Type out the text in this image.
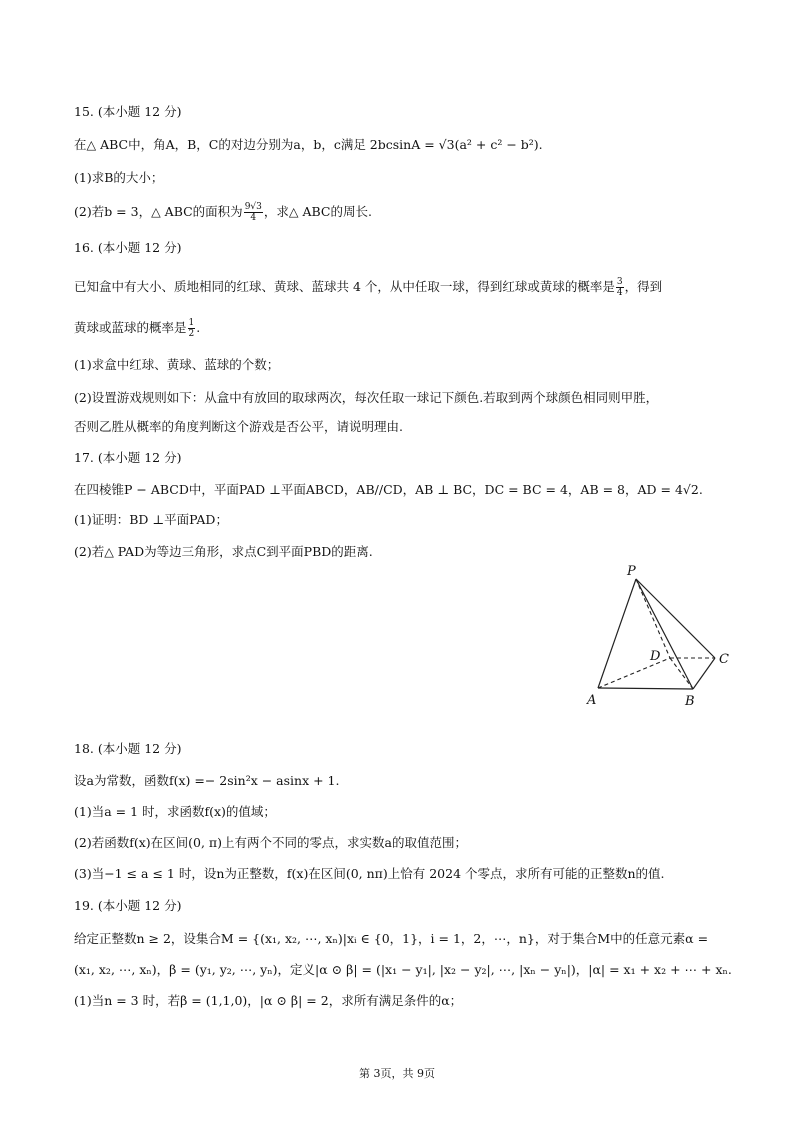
15. (本小题 12 分)
在△ ABC中，角A，B，C的对边分别为a，b，c满足 2bcsinA = √3(a² + c² − b²).
(1)求B的大小；
(2)若b = 3，△ ABC的面积为 $\frac{9√3}{4}$ ，求△ ABC的周长.
16. (本小题 12 分)
已知盒中有大小、质地相同的红球、黄球、蓝球共 4 个，从中任取一球，得到红球或黄球的概率是 $\frac{3}{4}$ ，得到
黄球或蓝球的概率是 $\frac{1}{2}$ .
(1)求盒中红球、黄球、蓝球的个数；
(2)设置游戏规则如下：从盒中有放回的取球两次，每次任取一球记下颜色.若取到两个球颜色相同则甲胜，
否则乙胜从概率的角度判断这个游戏是否公平，请说明理由.
17. (本小题 12 分)
在四棱锥P − ABCD中，平面PAD ⊥平面ABCD，AB//CD，AB ⊥ BC，DC = BC = 4，AB = 8，AD = 4√2.
(1)证明：BD ⊥平面PAD；
(2)若△ PAD为等边三角形，求点C到平面PBD的距离.
P
A	B
C
D
18. (本小题 12 分)
设a为常数，函数f(x) =− 2sin²x − asinx + 1.
(1)当a = 1 时，求函数f(x)的值域；
(2)若函数f(x)在区间(0, π)上有两个不同的零点，求实数a的取值范围；
(3)当−1 ≤ a ≤ 1 时，设n为正整数，f(x)在区间(0, nπ)上恰有 2024 个零点，求所有可能的正整数n的值.
19. (本小题 12 分)
给定正整数n ≥ 2，设集合M = {(x₁, x₂, ⋯, xₙ)|xᵢ ∈ {0，1}，i = 1，2，⋯，n}，对于集合M中的任意元素α =
(x₁, x₂, ⋯, xₙ)，β = (y₁, y₂, ⋯, yₙ)，定义|α ⊙ β| = (|x₁ − y₁|, |x₂ − y₂|, ⋯, |xₙ − yₙ|)，|α| = x₁ + x₂ + ⋯ + xₙ.
(1)当n = 3 时，若β = (1,1,0)，|α ⊙ β| = 2，求所有满足条件的α；
第 3页，共 9页
